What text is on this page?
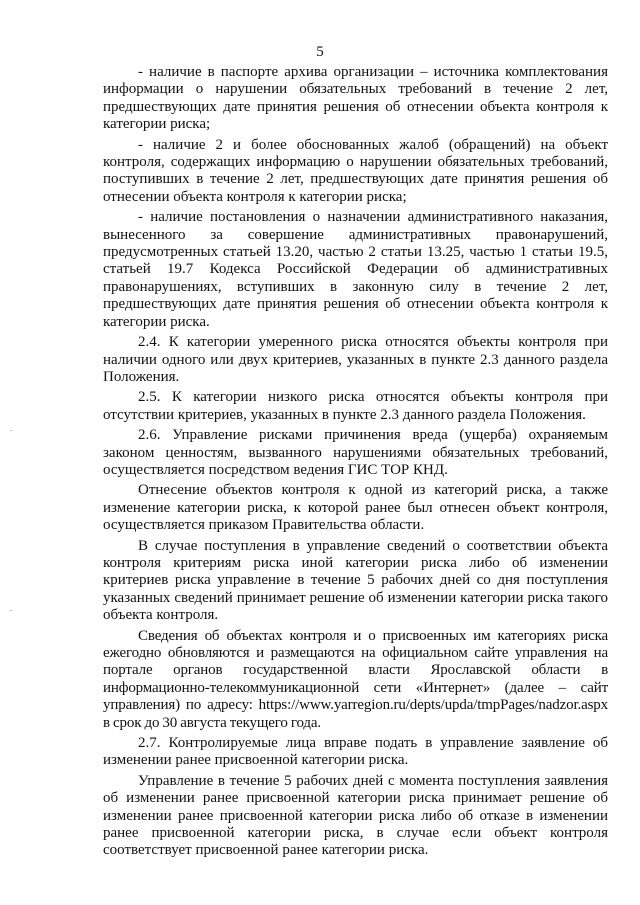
5

- наличие в паспорте архива организации – источника комплектования информации о нарушении обязательных требований в течение 2 лет, предшествующих дате принятия решения об отнесении объекта контроля к категории риска;

- наличие 2 и более обоснованных жалоб (обращений) на объект контроля, содержащих информацию о нарушении обязательных требований, поступивших в течение 2 лет, предшествующих дате принятия решения об отнесении объекта контроля к категории риска;

- наличие постановления о назначении административного наказания, вынесенного за совершение административных правонарушений, предусмотренных статьей 13.20, частью 2 статьи 13.25, частью 1 статьи 19.5, статьей 19.7 Кодекса Российской Федерации об административных правонарушениях, вступивших в законную силу в течение 2 лет, предшествующих дате принятия решения об отнесении объекта контроля к категории риска.

2.4. К категории умеренного риска относятся объекты контроля при наличии одного или двух критериев, указанных в пункте 2.3 данного раздела Положения.

2.5. К категории низкого риска относятся объекты контроля при отсутствии критериев, указанных в пункте 2.3 данного раздела Положения.

2.6. Управление рисками причинения вреда (ущерба) охраняемым законом ценностям, вызванного нарушениями обязательных требований, осуществляется посредством ведения ГИС ТОР КНД.

Отнесение объектов контроля к одной из категорий риска, а также изменение категории риска, к которой ранее был отнесен объект контроля, осуществляется приказом Правительства области.

В случае поступления в управление сведений о соответствии объекта контроля критериям риска иной категории риска либо об изменении критериев риска управление в течение 5 рабочих дней со дня поступления указанных сведений принимает решение об изменении категории риска такого объекта контроля.

Сведения об объектах контроля и о присвоенных им категориях риска ежегодно обновляются и размещаются на официальном сайте управления на портале органов государственной власти Ярославской области в информационно-телекоммуникационной сети «Интернет» (далее – сайт управления) по адресу: https://www.yarregion.ru/depts/upda/tmpPages/nadzor.aspx в срок до 30 августа текущего года.

2.7. Контролируемые лица вправе подать в управление заявление об изменении ранее присвоенной категории риска.

Управление в течение 5 рабочих дней с момента поступления заявления об изменении ранее присвоенной категории риска принимает решение об изменении ранее присвоенной категории риска либо об отказе в изменении ранее присвоенной категории риска, в случае если объект контроля соответствует присвоенной ранее категории риска.
